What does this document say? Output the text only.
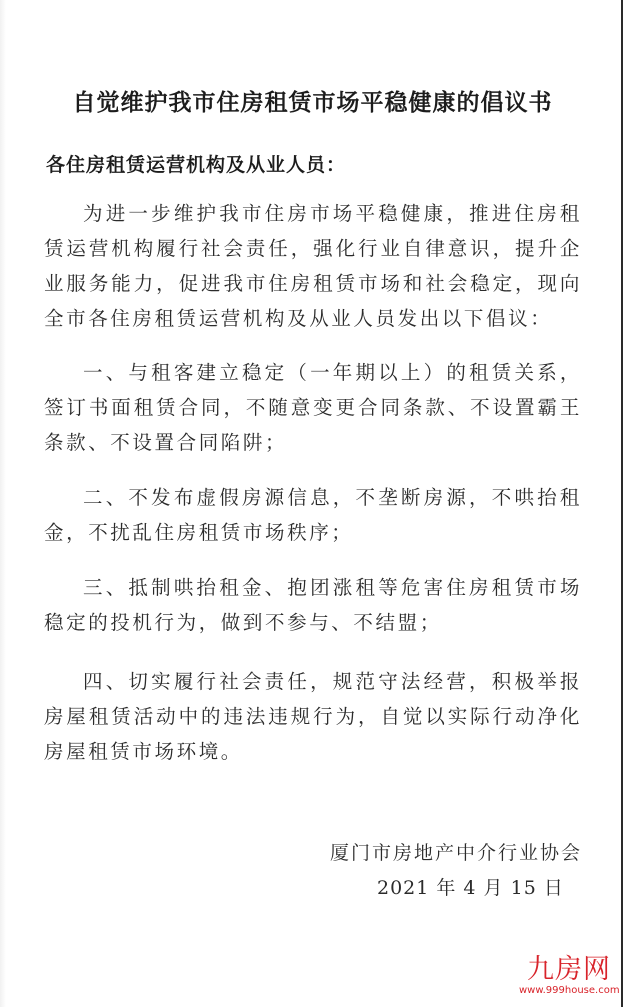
自觉维护我市住房租赁市场平稳健康的倡议书
各住房租赁运营机构及从业人员：
为进一步维护我市住房市场平稳健康，推进住房租赁运营机构履行社会责任，强化行业自律意识，提升企业服务能力，促进我市住房租赁市场和社会稳定，现向全市各住房租赁运营机构及从业人员发出以下倡议：
一、与租客建立稳定（一年期以上）的租赁关系，签订书面租赁合同，不随意变更合同条款、不设置霸王条款、不设置合同陷阱；
二、不发布虚假房源信息，不垄断房源，不哄抬租金，不扰乱住房租赁市场秩序；
三、抵制哄抬租金、抱团涨租等危害住房租赁市场稳定的投机行为，做到不参与、不结盟；
四、切实履行社会责任，规范守法经营，积极举报房屋租赁活动中的违法违规行为，自觉以实际行动净化房屋租赁市场环境。
厦门市房地产中介行业协会
2021 年 4 月 15 日
九房网
www.999house.com
